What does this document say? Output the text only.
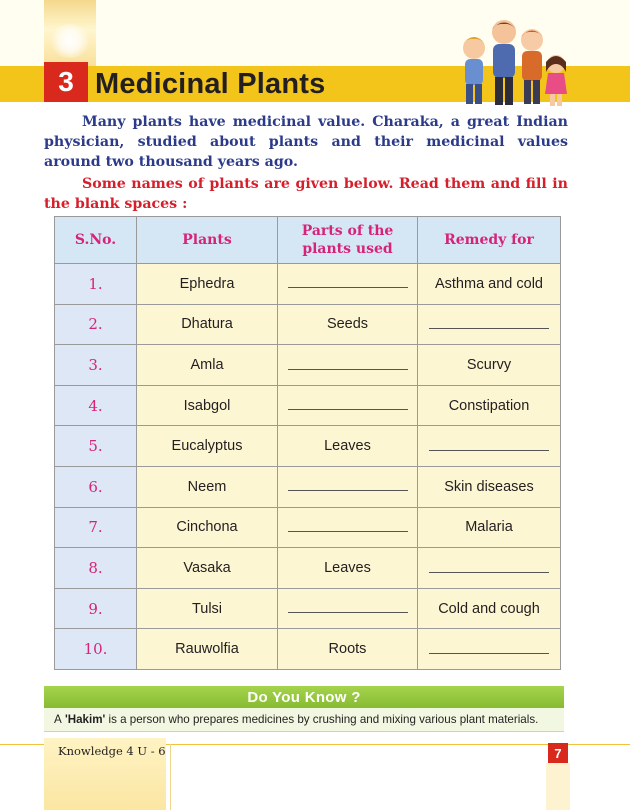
3 Medicinal Plants

Many plants have medicinal value. Charaka, a great Indian physician, studied about plants and their medicinal values around two thousand years ago.

Some names of plants are given below. Read them and fill in the blank spaces :

S.No.	Plants	Parts of the plants used	Remedy for
1.	Ephedra		Asthma and cold
2.	Dhatura	Seeds	
3.	Amla		Scurvy
4.	Isabgol		Constipation
5.	Eucalyptus	Leaves	
6.	Neem		Skin diseases
7.	Cinchona		Malaria
8.	Vasaka	Leaves	
9.	Tulsi		Cold and cough
10.	Rauwolfia	Roots	
Do You Know ?
A
'Hakim'
is a person who prepares medicines by crushing and mixing various plant materials.
Knowledge 4 U - 6	7
